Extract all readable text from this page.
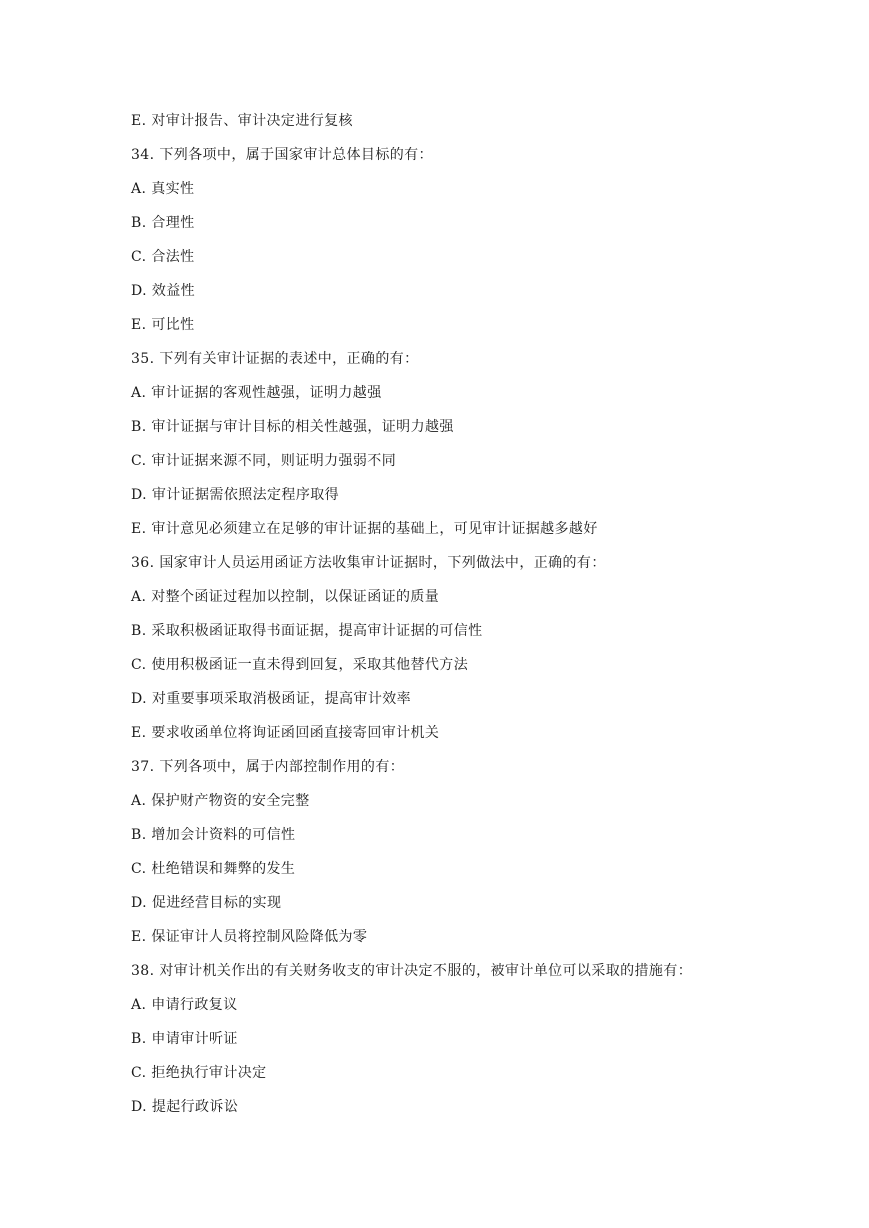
E. 对审计报告、审计决定进行复核
34. 下列各项中，属于国家审计总体目标的有：
A. 真实性
B. 合理性
C. 合法性
D. 效益性
E. 可比性
35. 下列有关审计证据的表述中，正确的有：
A. 审计证据的客观性越强，证明力越强
B. 审计证据与审计目标的相关性越强，证明力越强
C. 审计证据来源不同，则证明力强弱不同
D. 审计证据需依照法定程序取得
E. 审计意见必须建立在足够的审计证据的基础上，可见审计证据越多越好
36. 国家审计人员运用函证方法收集审计证据时，下列做法中，正确的有：
A. 对整个函证过程加以控制，以保证函证的质量
B. 采取积极函证取得书面证据，提高审计证据的可信性
C. 使用积极函证一直未得到回复，采取其他替代方法
D. 对重要事项采取消极函证，提高审计效率
E. 要求收函单位将询证函回函直接寄回审计机关
37. 下列各项中，属于内部控制作用的有：
A. 保护财产物资的安全完整
B. 增加会计资料的可信性
C. 杜绝错误和舞弊的发生
D. 促进经营目标的实现
E. 保证审计人员将控制风险降低为零
38. 对审计机关作出的有关财务收支的审计决定不服的，被审计单位可以采取的措施有：
A. 申请行政复议
B. 申请审计听证
C. 拒绝执行审计决定
D. 提起行政诉讼
